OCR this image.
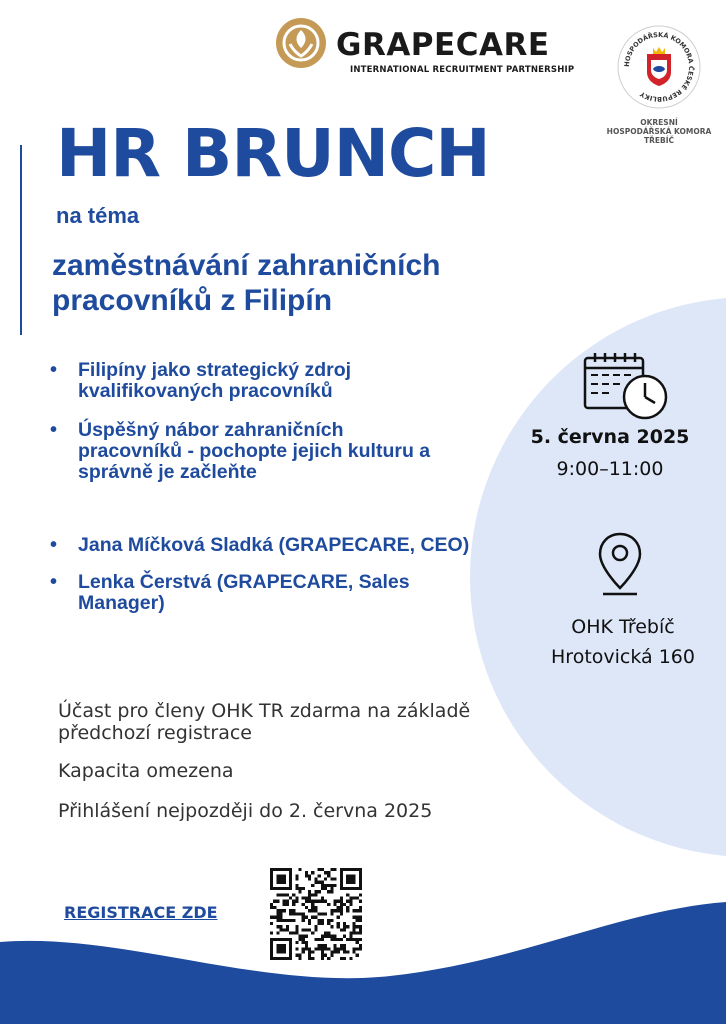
GRAPECARE
INTERNATIONAL RECRUITMENT PARTNERSHIP
HOSPODÁŘSKÁ KOMORA ČESKÉ REPUBLIKY
OKRESNÍ
HOSPODÁŘSKÁ KOMORA
TŘEBÍČ
HR BRUNCH
na téma
zaměstnávání zahraničních
pracovníků z Filipín
• Filipíny jako strategický zdroj kvalifikovaných pracovníků
• Úspěšný nábor zahraničních pracovníků - pochopte jejich kulturu a správně je začleňte
• Jana Míčková Sladká (GRAPECARE, CEO)
• Lenka Čerstvá (GRAPECARE, Sales Manager)
5. června 2025
9:00–11:00
OHK Třebíč
Hrotovická 160
Účast pro členy OHK TR zdarma na základě předchozí registrace
Kapacita omezena
Přihlášení nejpozději do 2. června 2025
REGISTRACE ZDE
